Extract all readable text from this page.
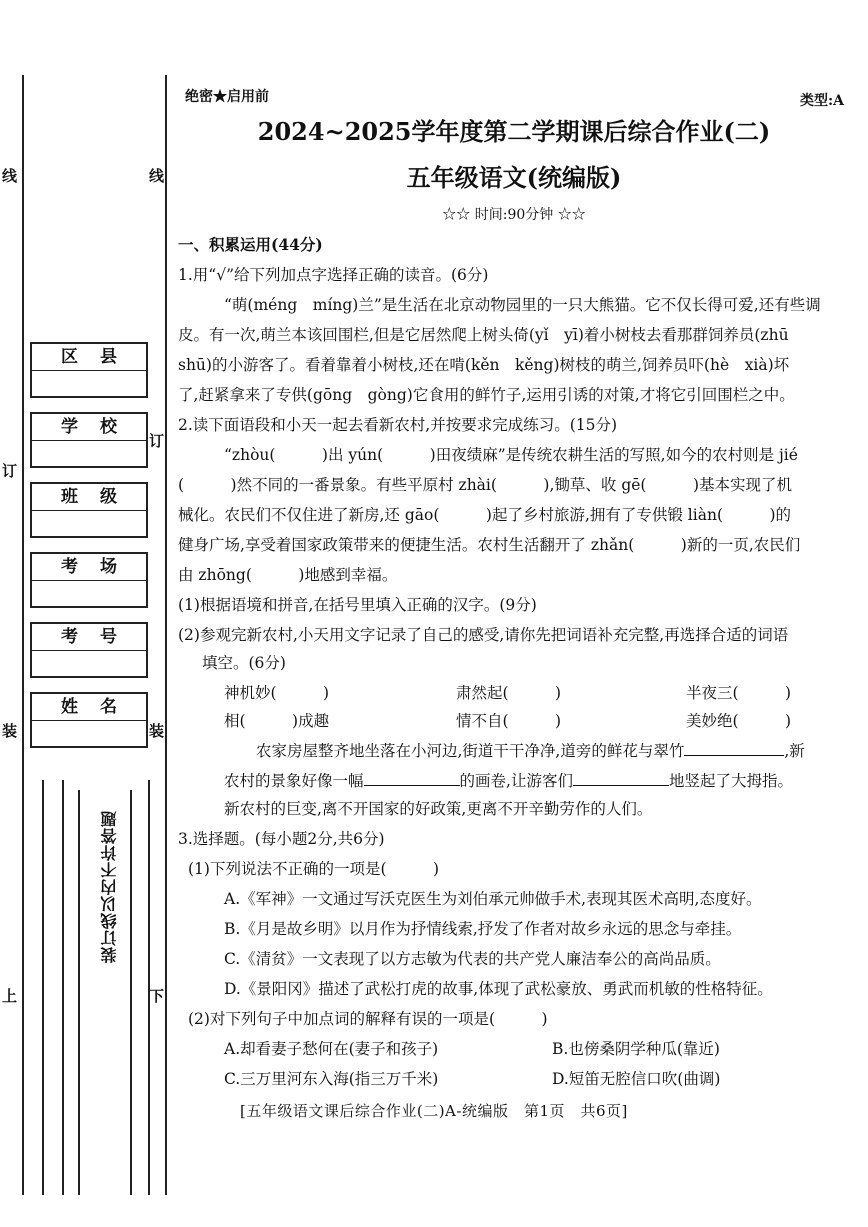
线
订
装
上
线
订
装
下
区县
学校
班级
考场
考号
姓名
装订线以内不许答题
绝密★启用前	类型:A
2024~2025学年度第二学期课后综合作业(二)
五年级语文(统编版)
☆☆ 时间:90分钟 ☆☆
一、积累运用(44分)
1.用“√”给下列加点字选择正确的读音。(6分)
“萌(méng　míng)兰”是生活在北京动物园里的一只大熊猫。它不仅长得可爱,还有些调
皮。有一次,萌兰本该回围栏,但是它居然爬上树头倚(yǐ　yī)着小树枝去看那群饲养员(zhū
shū)的小游客了。看着靠着小树枝,还在啃(kěn　kěng)树枝的萌兰,饲养员吓(hè　xià)坏
了,赶紧拿来了专供(gōng　gòng)它食用的鲜竹子,运用引诱的对策,才将它引回围栏之中。
2.读下面语段和小天一起去看新农村,并按要求完成练习。(15分)
“zhòu(　　　)出 yún(　　　)田夜绩麻”是传统农耕生活的写照,如今的农村则是 jié
(　　　)然不同的一番景象。有些平原村 zhài(　　　),锄草、收 gē(　　　)基本实现了机
械化。农民们不仅住进了新房,还 gāo(　　　)起了乡村旅游,拥有了专供锻 liàn(　　　)的
健身广场,享受着国家政策带来的便捷生活。农村生活翻开了 zhǎn(　　　)新的一页,农民们
由 zhōng(　　　)地感到幸福。
(1)根据语境和拼音,在括号里填入正确的汉字。(9分)
(2)参观完新农村,小天用文字记录了自己的感受,请你先把词语补充完整,再选择合适的词语
填空。(6分)
神机妙(　　　)	肃然起(　　　)	半夜三(　　　)
相(　　　)成趣	情不自(　　　)	美妙绝(　　　)
农家房屋整齐地坐落在小河边,街道干干净净,道旁的鲜花与翠竹	,新
农村的景象好像一幅	的画卷,让游客们	地竖起了大拇指。
新农村的巨变,离不开国家的好政策,更离不开辛勤劳作的人们。
3.选择题。(每小题2分,共6分)
(1)下列说法不正确的一项是(　　　)
A.《军神》一文通过写沃克医生为刘伯承元帅做手术,表现其医术高明,态度好。
B.《月是故乡明》以月作为抒情线索,抒发了作者对故乡永远的思念与牵挂。
C.《清贫》一文表现了以方志敏为代表的共产党人廉洁奉公的高尚品质。
D.《景阳冈》描述了武松打虎的故事,体现了武松豪放、勇武而机敏的性格特征。
(2)对下列句子中加点词的解释有误的一项是(　　　)
A.却看妻子愁何在(妻子和孩子)	B.也傍桑阴学种瓜(靠近)
C.三万里河东入海(指三万千米)	D.短笛无腔信口吹(曲调)
[五年级语文课后综合作业(二)A-统编版　第1页　共6页]
